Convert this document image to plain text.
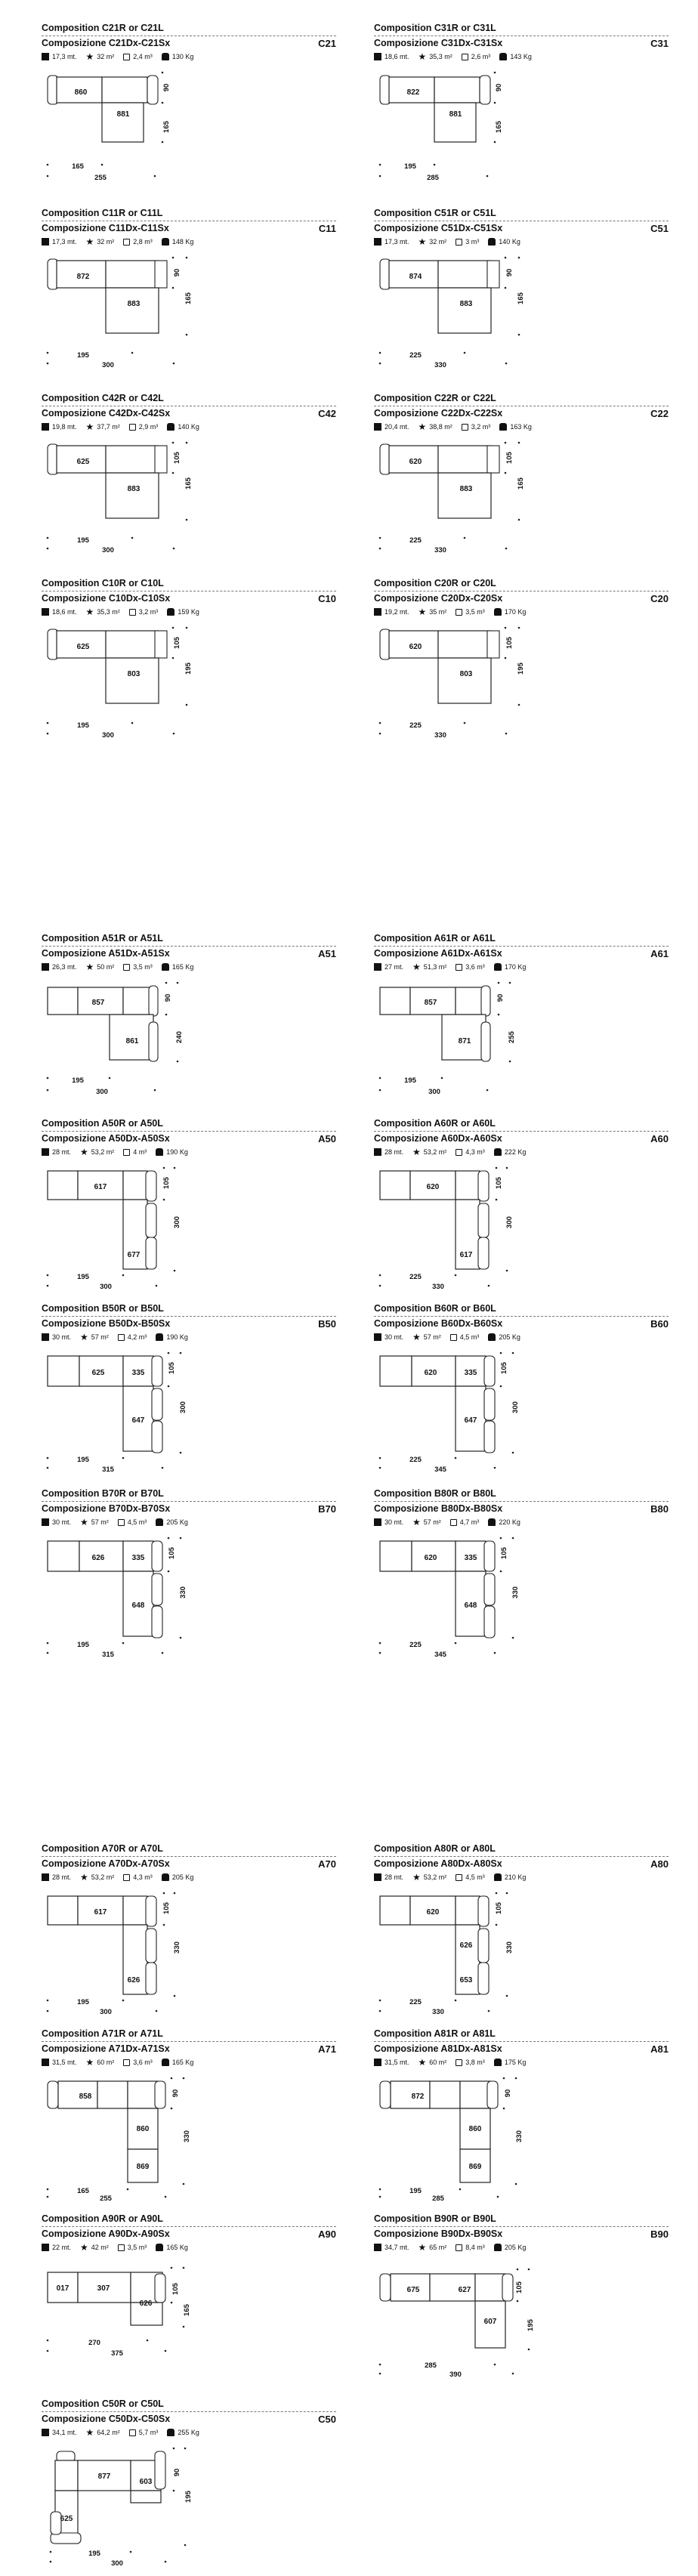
Composition C21R or C21L
Composizione C21Dx-C21Sx	C21
17,3 mt. ★ 32 m²	2,4 m³	130 Kg
860
881
90
165
165
255
Composition C31R or C31L
Composizione C31Dx-C31Sx	C31
18,6 mt. ★ 35,3 m²	2,6 m³	143 Kg
822
881
90
165
195
285
Composition C11R or C11L
Composizione C11Dx-C11Sx	C11
17,3 mt. ★ 32 m²	2,8 m³	148 Kg
872
883
90
165
195
300
Composition C51R or C51L
Composizione C51Dx-C51Sx	C51
17,3 mt. ★ 32 m²	3 m³	140 Kg
874
883
90
165
225
330
Composition C42R or C42L
Composizione C42Dx-C42Sx	C42
19,8 mt. ★ 37,7 m²	2,9 m³	140 Kg
625
883
105
165
195
300
Composition C22R or C22L
Composizione C22Dx-C22Sx	C22
20,4 mt. ★ 38,8 m²	3,2 m³	163 Kg
620
883
105
165
225
330
Composition C10R or C10L
Composizione C10Dx-C10Sx	C10
18,6 mt. ★ 35,3 m²	3,2 m³	159 Kg
625
803
105
195
195
300
Composition C20R or C20L
Composizione C20Dx-C20Sx	C20
19,2 mt. ★ 35 m²	3,5 m³	170 Kg
620
803
105
195
225
330
Composition A51R or A51L
Composizione A51Dx-A51Sx	A51
26,3 mt. ★ 50 m²	3,5 m³	165 Kg
857
861
90
240
195
300
Composition A61R or A61L
Composizione A61Dx-A61Sx	A61
27 mt. ★ 51,3 m²	3,6 m³	170 Kg
857
871
90
255
195
300
Composition A50R or A50L
Composizione A50Dx-A50Sx	A50
28 mt. ★ 53,2 m²	4 m³	190 Kg
617
677
105
300
195
300
Composition A60R or A60L
Composizione A60Dx-A60Sx	A60
28 mt. ★ 53,2 m²	4,3 m³	222 Kg
620
617
105
300
225
330
Composition B50R or B50L
Composizione B50Dx-B50Sx	B50
30 mt. ★ 57 m²	4,2 m³	190 Kg
625	335
647
105
300
195
315
Composition B60R or B60L
Composizione B60Dx-B60Sx	B60
30 mt. ★ 57 m²	4,5 m³	205 Kg
620	335
647
105
300
225
345
Composition B70R or B70L
Composizione B70Dx-B70Sx	B70
30 mt. ★ 57 m²	4,5 m³	205 Kg
626	335
648
105
330
195
315
Composition B80R or B80L
Composizione B80Dx-B80Sx	B80
30 mt. ★ 57 m²	4,7 m³	220 Kg
620	335
648
105
330
225
345
Composition A70R or A70L
Composizione A70Dx-A70Sx	A70
28 mt. ★ 53,2 m²	4,3 m³	205 Kg
617
626
105
330
195
300
Composition A80R or A80L
Composizione A80Dx-A80Sx	A80
28 mt. ★ 53,2 m²	4,5 m³	210 Kg
620
653
626
105
330
225
330
Composition A71R or A71L
Composizione A71Dx-A71Sx	A71
31,5 mt. ★ 60 m²	3,6 m³	165 Kg
858
860
869
90
330
165
255
Composition A81R or A81L
Composizione A81Dx-A81Sx	A81
31,5 mt. ★ 60 m²	3,8 m³	175 Kg
872
860
869
90
330
195
285
Composition A90R or A90L
Composizione A90Dx-A90Sx	A90
22 mt. ★ 42 m²	3,5 m³	165 Kg
017	307
626
105
165
270
375
Composition B90R or B90L
Composizione B90Dx-B90Sx	B90
34,7 mt. ★ 65 m²	8,4 m³	205 Kg
675	627
607
105
195
285
390
Composition C50R or C50L
Composizione C50Dx-C50Sx	C50
34,1 mt. ★ 64,2 m²	5,7 m³	255 Kg
877
603
625
90
195
195
300
